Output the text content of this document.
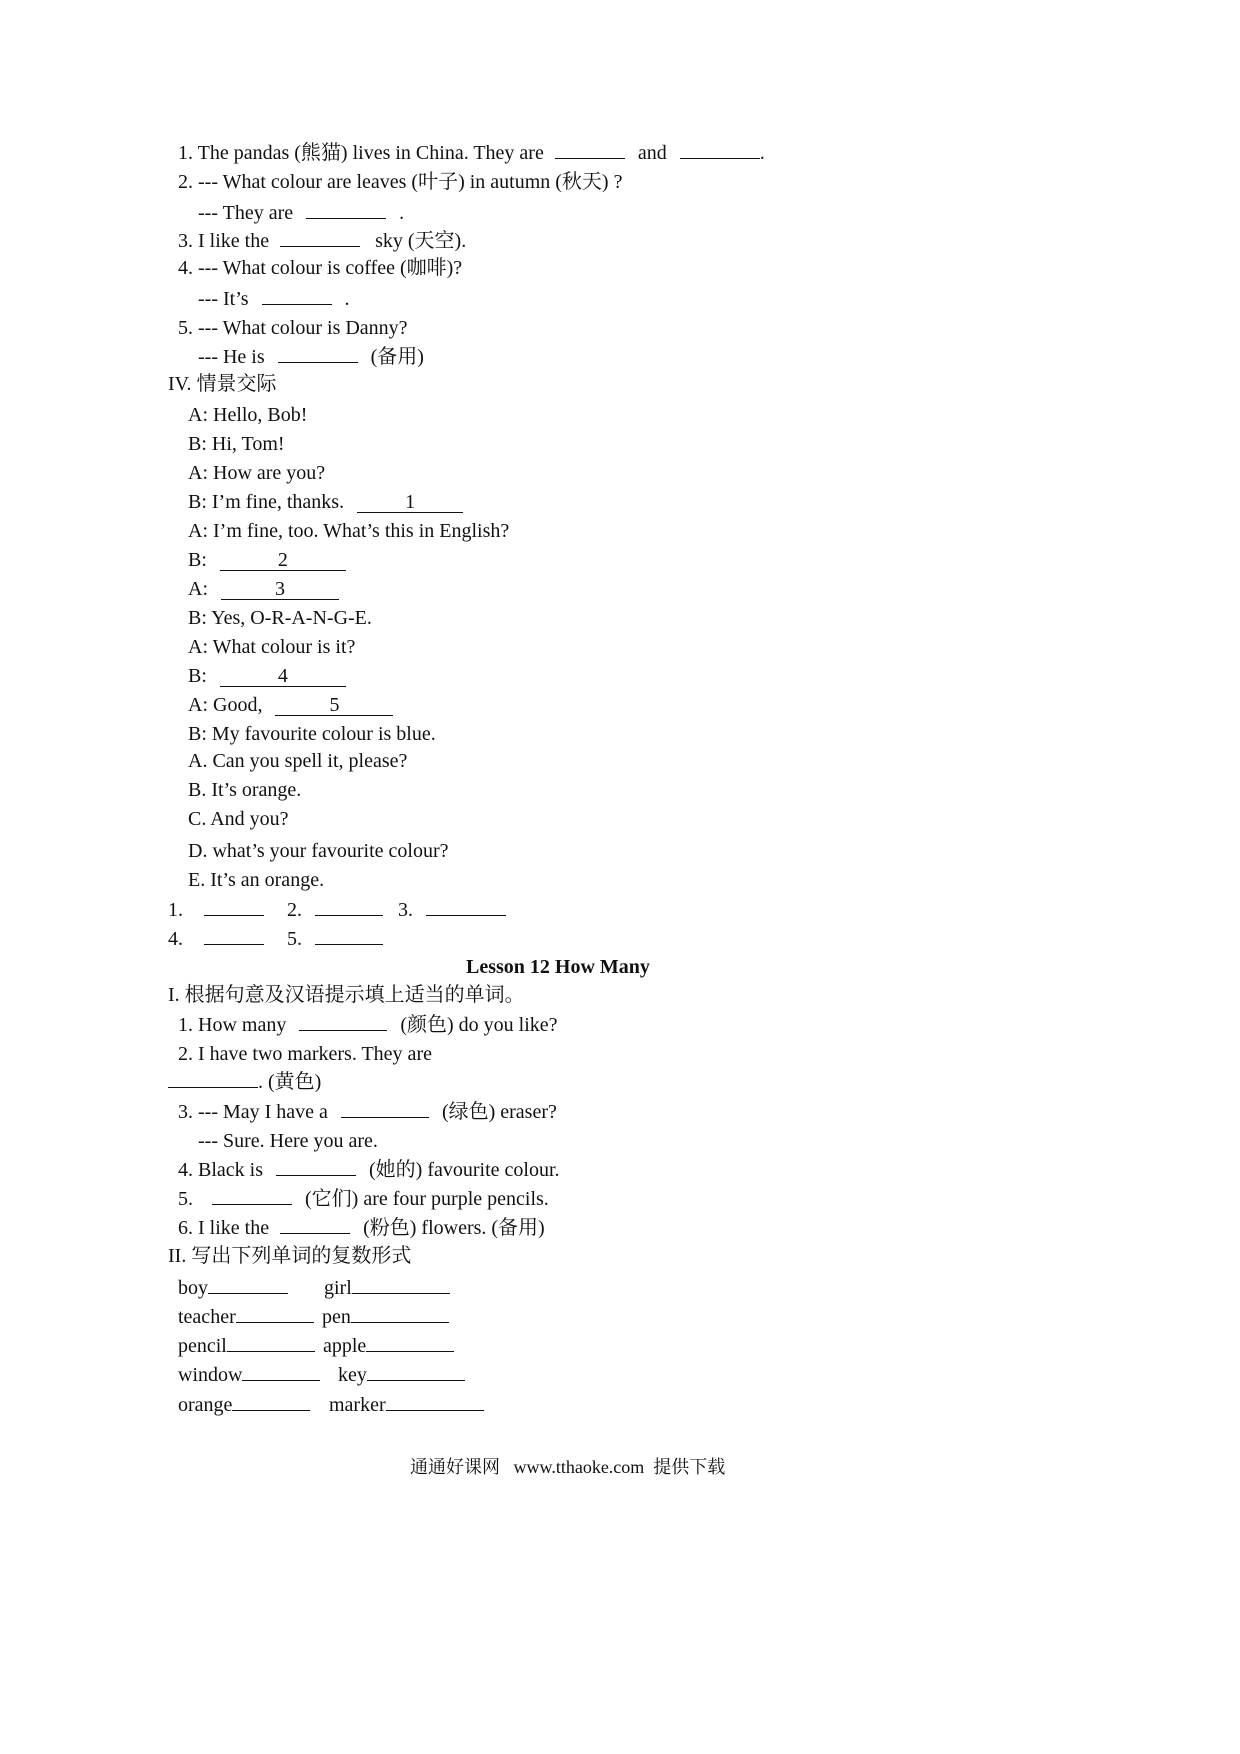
1. The pandas (熊猫) lives in China. They are	and	.
2. --- What colour are leaves (叶子) in autumn (秋天) ?
--- They are	.
3. I like the	sky (天空).
4. --- What colour is coffee (咖啡)?
--- It’s	.
5. --- What colour is Danny?
--- He is	(备用)
IV. 情景交际
A: Hello, Bob!
B: Hi, Tom!
A: How are you?
B: I’m fine, thanks.	1
A: I’m fine, too. What’s this in English?
B:	2
A:	3
B: Yes, O-R-A-N-G-E.
A: What colour is it?
B:	4
A: Good,	5
B: My favourite colour is blue.
A. Can you spell it, please?
B. It’s orange.
C. And you?
D. what’s your favourite colour?
E. It’s an orange.
1.	2.	3.
4.	5.
Lesson 12 How Many
I. 根据句意及汉语提示填上适当的单词。
1. How many	(颜色) do you like?
2. I have two markers. They are
. (黄色)
3. --- May I have a	(绿色) eraser?
--- Sure. Here you are.
4. Black is	(她的) favourite colour.
5.	(它们) are four purple pencils.
6. I like the	(粉色) flowers. (备用)
II. 写出下列单词的复数形式
boy	girl
teacher	pen
pencil	apple
window	key
orange	marker
通通好课网   www.tthaoke.com  提供下载
